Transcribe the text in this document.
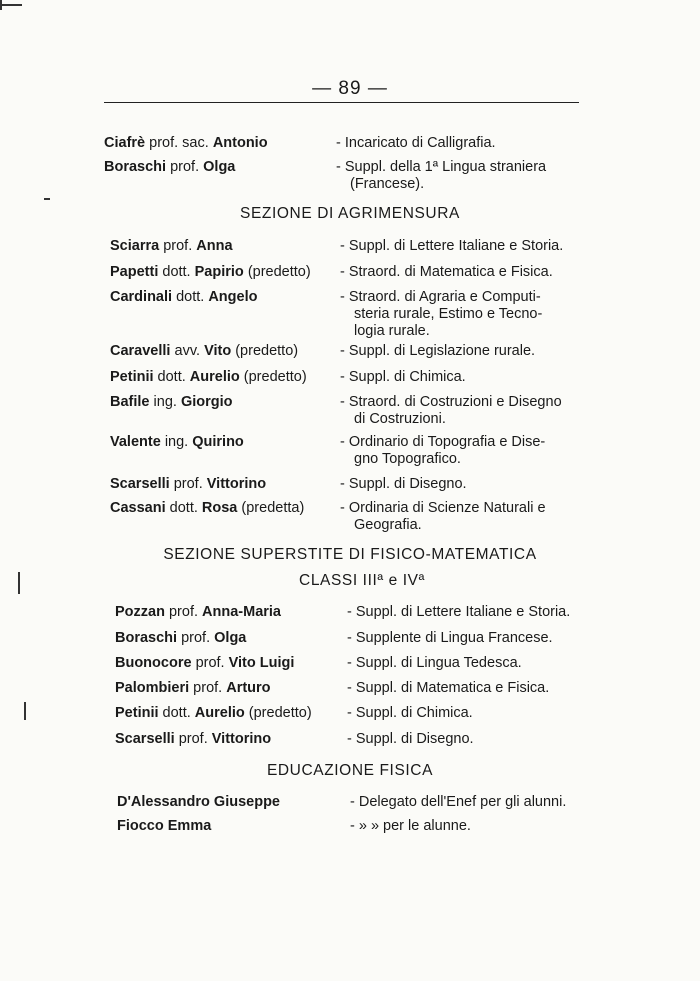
— 89 —
Ciafrè prof. sac. Antonio	- Incaricato di Calligrafia.
Boraschi prof. Olga	- Suppl. della 1ª Lingua straniera
(Francese).
Sciarra prof. Anna	- Suppl. di Lettere Italiane e Storia.
Papetti dott. Papirio (predetto) - Straord. di Matematica e Fisica.
Cardinali dott. Angelo	- Straord. di Agraria e Computi-
steria rurale, Estimo e Tecno-
logia rurale.
Caravelli avv. Vito (predetto)	- Suppl. di Legislazione rurale.
Petinii dott. Aurelio (predetto) - Suppl. di Chimica.
Bafile ing. Giorgio	- Straord. di Costruzioni e Disegno
di Costruzioni.
Valente ing. Quirino	- Ordinario di Topografia e Dise-
gno Topografico.
Scarselli prof. Vittorino	- Suppl. di Disegno.
Cassani dott. Rosa (predetta) - Ordinaria di Scienze Naturali e
Geografia.
Pozzan prof. Anna-Maria	- Suppl. di Lettere Italiane e Storia.
Boraschi prof. Olga	- Supplente di Lingua Francese.
Buonocore prof. Vito Luigi	- Suppl. di Lingua Tedesca.
Palombieri prof. Arturo	- Suppl. di Matematica e Fisica.
Petinii dott. Aurelio (predetto) - Suppl. di Chimica.
Scarselli prof. Vittorino	- Suppl. di Disegno.
D'Alessandro Giuseppe	- Delegato dell'Enef per gli alunni.
Fiocco Emma	- » » per le alunne.
SEZIONE DI AGRIMENSURA
SEZIONE SUPERSTITE DI FISICO-MATEMATICA
CLASSI IIIª e IVª
EDUCAZIONE FISICA
